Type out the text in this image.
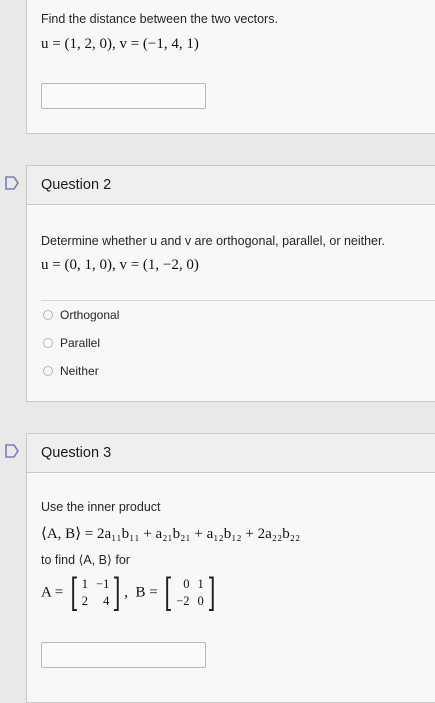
Find the distance between the two vectors.
u = (1, 2, 0), v = (−1, 4, 1)
Question 2
Determine whether u and v are orthogonal, parallel, or neither.
u = (0, 1, 0), v = (1, −2, 0)
Orthogonal
Parallel
Neither
Question 3
Use the inner product
⟨A, B⟩ = 2a₁₁b₁₁ + a₂₁b₂₁ + a₁₂b₁₂ + 2a₂₂b₂₂
to find ⟨A, B⟩ for
A = [ 1 −1
2	4 ] ,  B = [ 0 1
−2 0 ]
